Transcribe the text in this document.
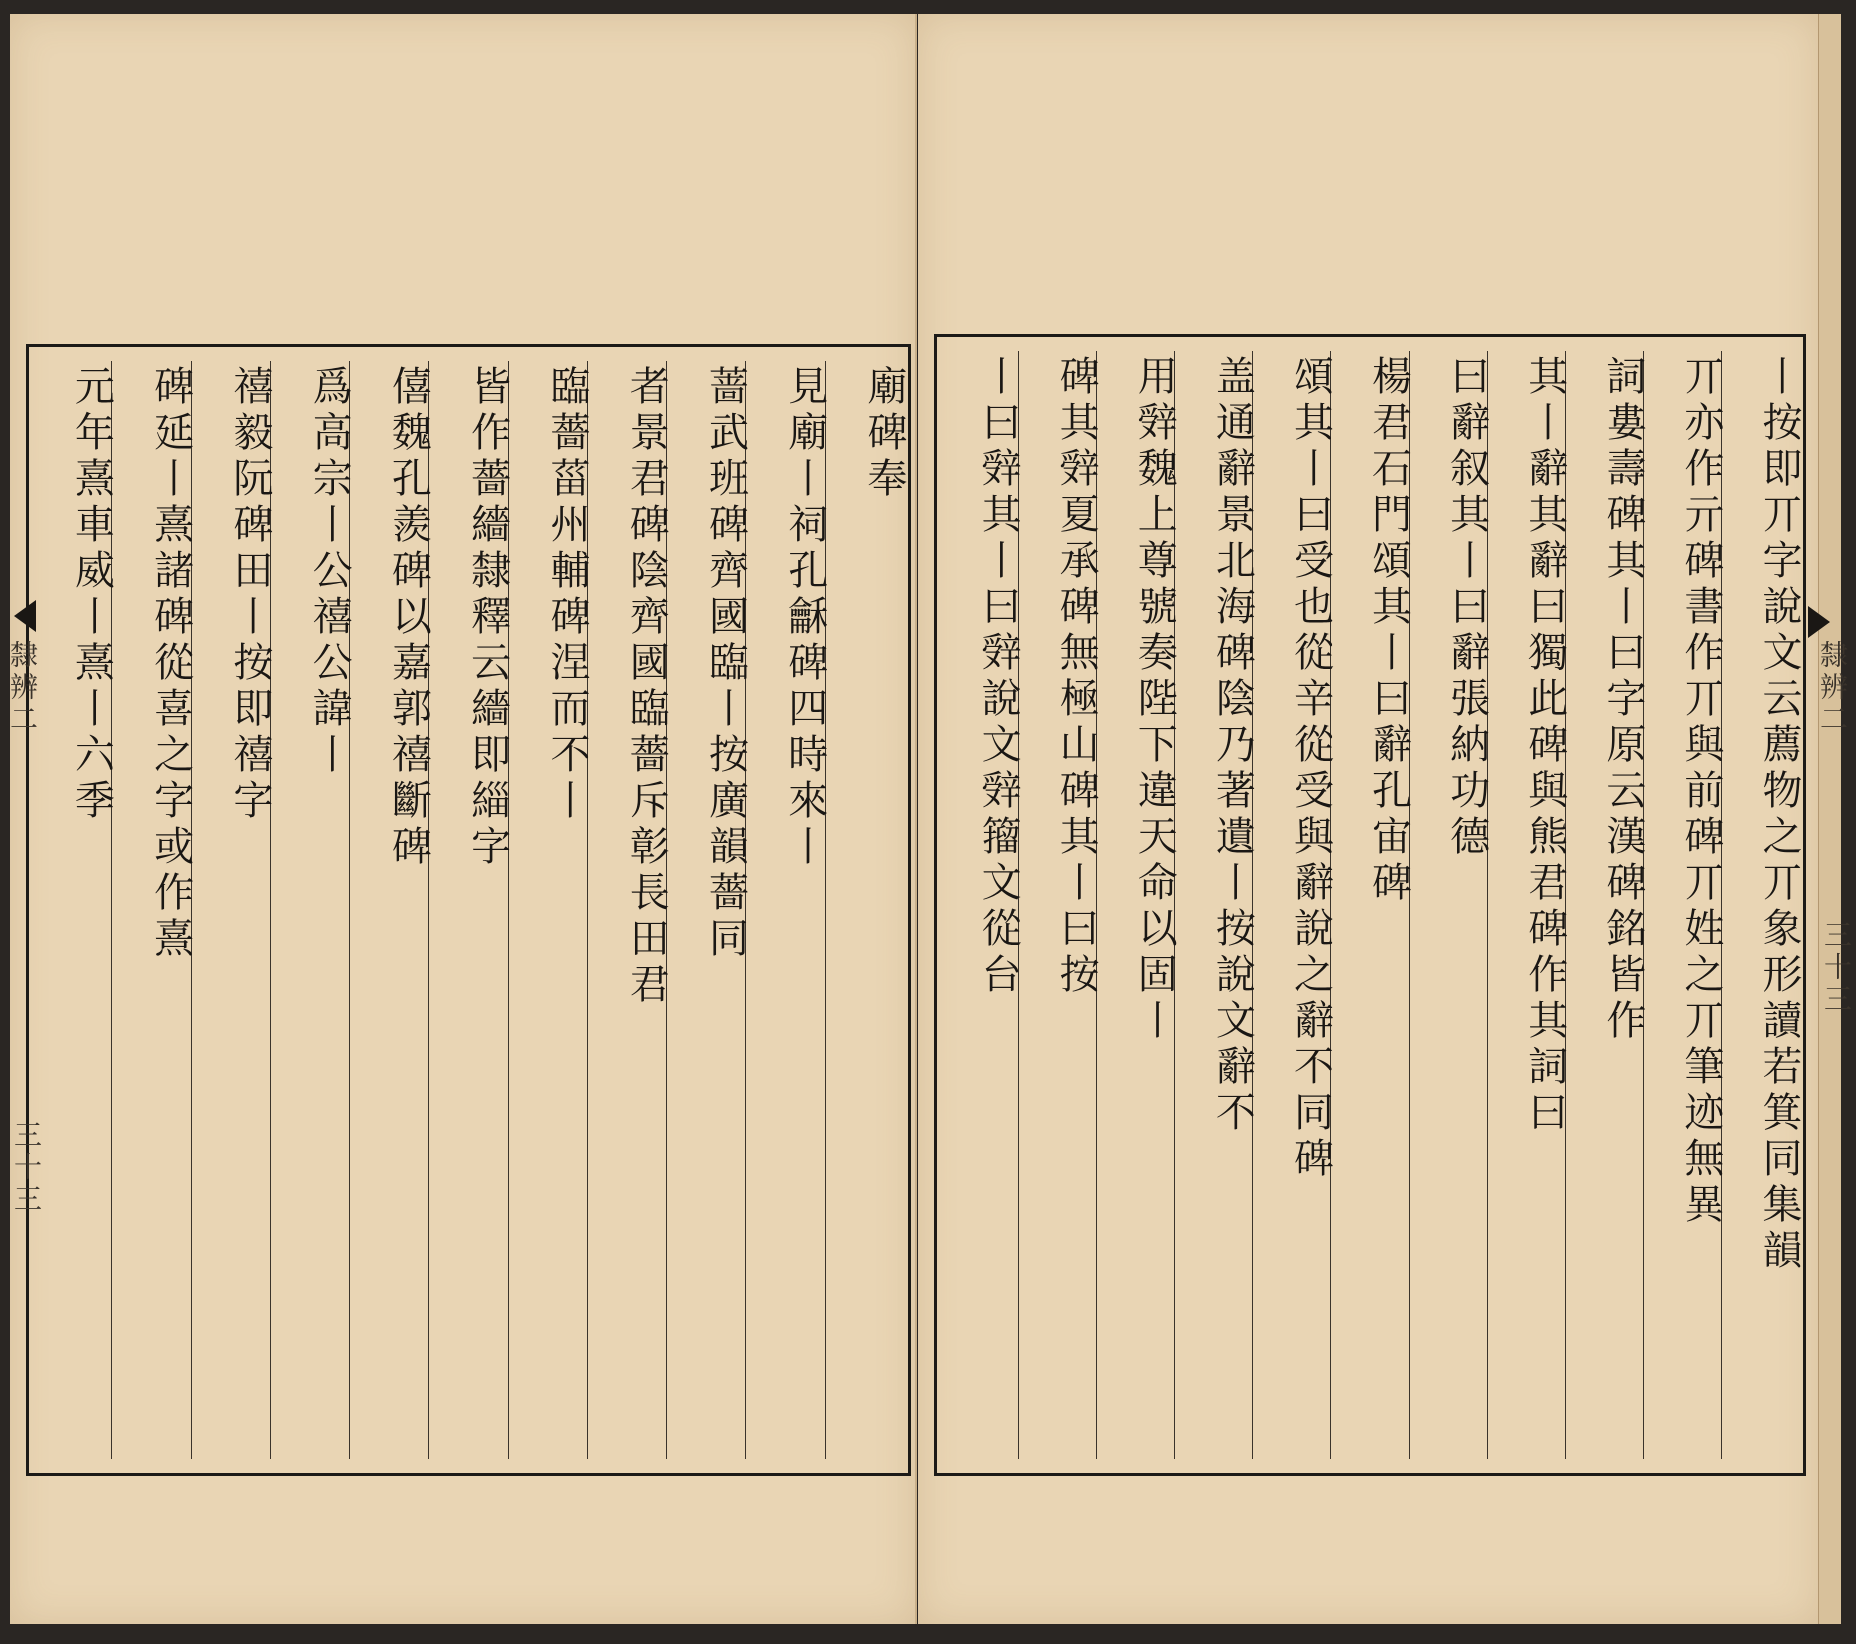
廟碑奉
見廟丨祠孔龢碑四時來丨
蔷武班碑齊國臨丨按廣韻薔同
者景君碑陰齊國臨薔斥彰長田君
臨薔菑州輔碑涅而不丨
皆作薔繬隸釋云繬即緇字
僖魏孔羨碑以嘉郭禧斷碑
爲高宗丨公禧公諱丨
禧毅阮碑田丨按即禧字
碑延丨熹諸碑從喜之字或作熹
元年熹車威丨熹丨六季	丨按即丌字說文云薦物之丌象形讀若箕同集韻
丌亦作亓碑書作丌與前碑丌姓之丌筆迹無異
詞婁壽碑其丨曰字原云漢碑銘皆作
其丨辭其辭曰獨此碑與熊君碑作其詞曰
曰辭叙其丨曰辭張納功德
楊君石門頌其丨曰辭孔宙碑
頌其丨曰受也從辛從受與辭說之辭不同碑
盖通辭景北海碑陰乃著遺丨按說文辭不
用辤魏上尊號奏陛下違天命以固丨
碑其辤夏承碑無極山碑其丨曰按
丨曰辤其丨曰辤說文辤籀文從台
隸辨二
三十三
隸辨二
三十三
